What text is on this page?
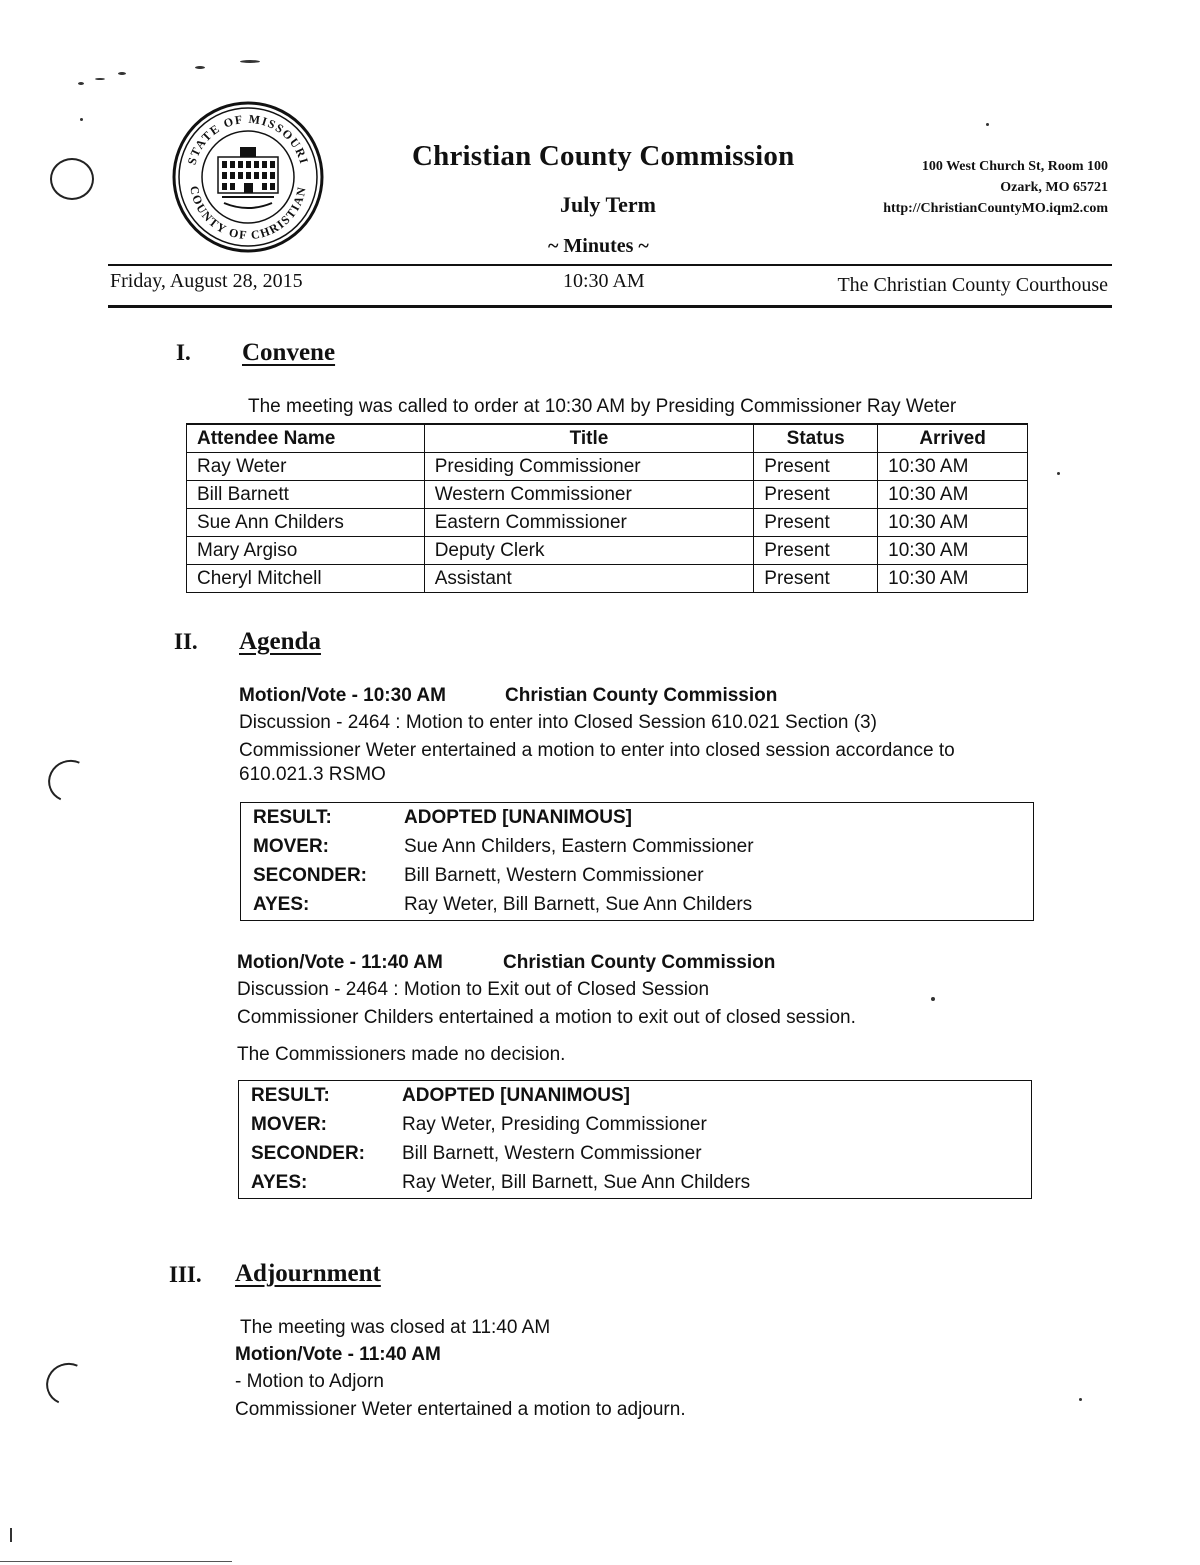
STATE OF MISSOURI
COUNTY OF CHRISTIAN
Christian County Commission
July Term
~ Minutes ~
100 West Church St, Room 100
Ozark, MO 65721
http://ChristianCountyMO.iqm2.com
Friday, August 28, 2015	10:30 AM	The Christian County Courthouse
I. Convene
The meeting was called to order at 10:30 AM by Presiding Commissioner Ray Weter
Attendee Name	Title	Status	Arrived
Ray Weter	Presiding Commissioner	Present	10:30 AM
Bill Barnett	Western Commissioner	Present	10:30 AM
Sue Ann Childers	Eastern Commissioner	Present	10:30 AM
Mary Argiso	Deputy Clerk	Present	10:30 AM
Cheryl Mitchell	Assistant	Present	10:30 AM
II. Agenda
Motion/Vote - 10:30 AM	Christian County Commission
Discussion - 2464 : Motion to enter into Closed Session 610.021 Section (3)
Commissioner Weter entertained a motion to enter into closed session accordance to
610.021.3 RSMO
RESULT:	ADOPTED [UNANIMOUS]
MOVER:	Sue Ann Childers, Eastern Commissioner
SECONDER: Bill Barnett, Western Commissioner
AYES:	Ray Weter, Bill Barnett, Sue Ann Childers
Motion/Vote - 11:40 AM	Christian County Commission
Discussion - 2464 : Motion to Exit out of Closed Session
Commissioner Childers entertained a motion to exit out of closed session.
The Commissioners made no decision.
RESULT:	ADOPTED [UNANIMOUS]
MOVER:	Ray Weter, Presiding Commissioner
SECONDER: Bill Barnett, Western Commissioner
AYES:	Ray Weter, Bill Barnett, Sue Ann Childers
III. Adjournment
The meeting was closed at 11:40 AM
Motion/Vote - 11:40 AM
- Motion to Adjorn
Commissioner Weter entertained a motion to adjourn.
